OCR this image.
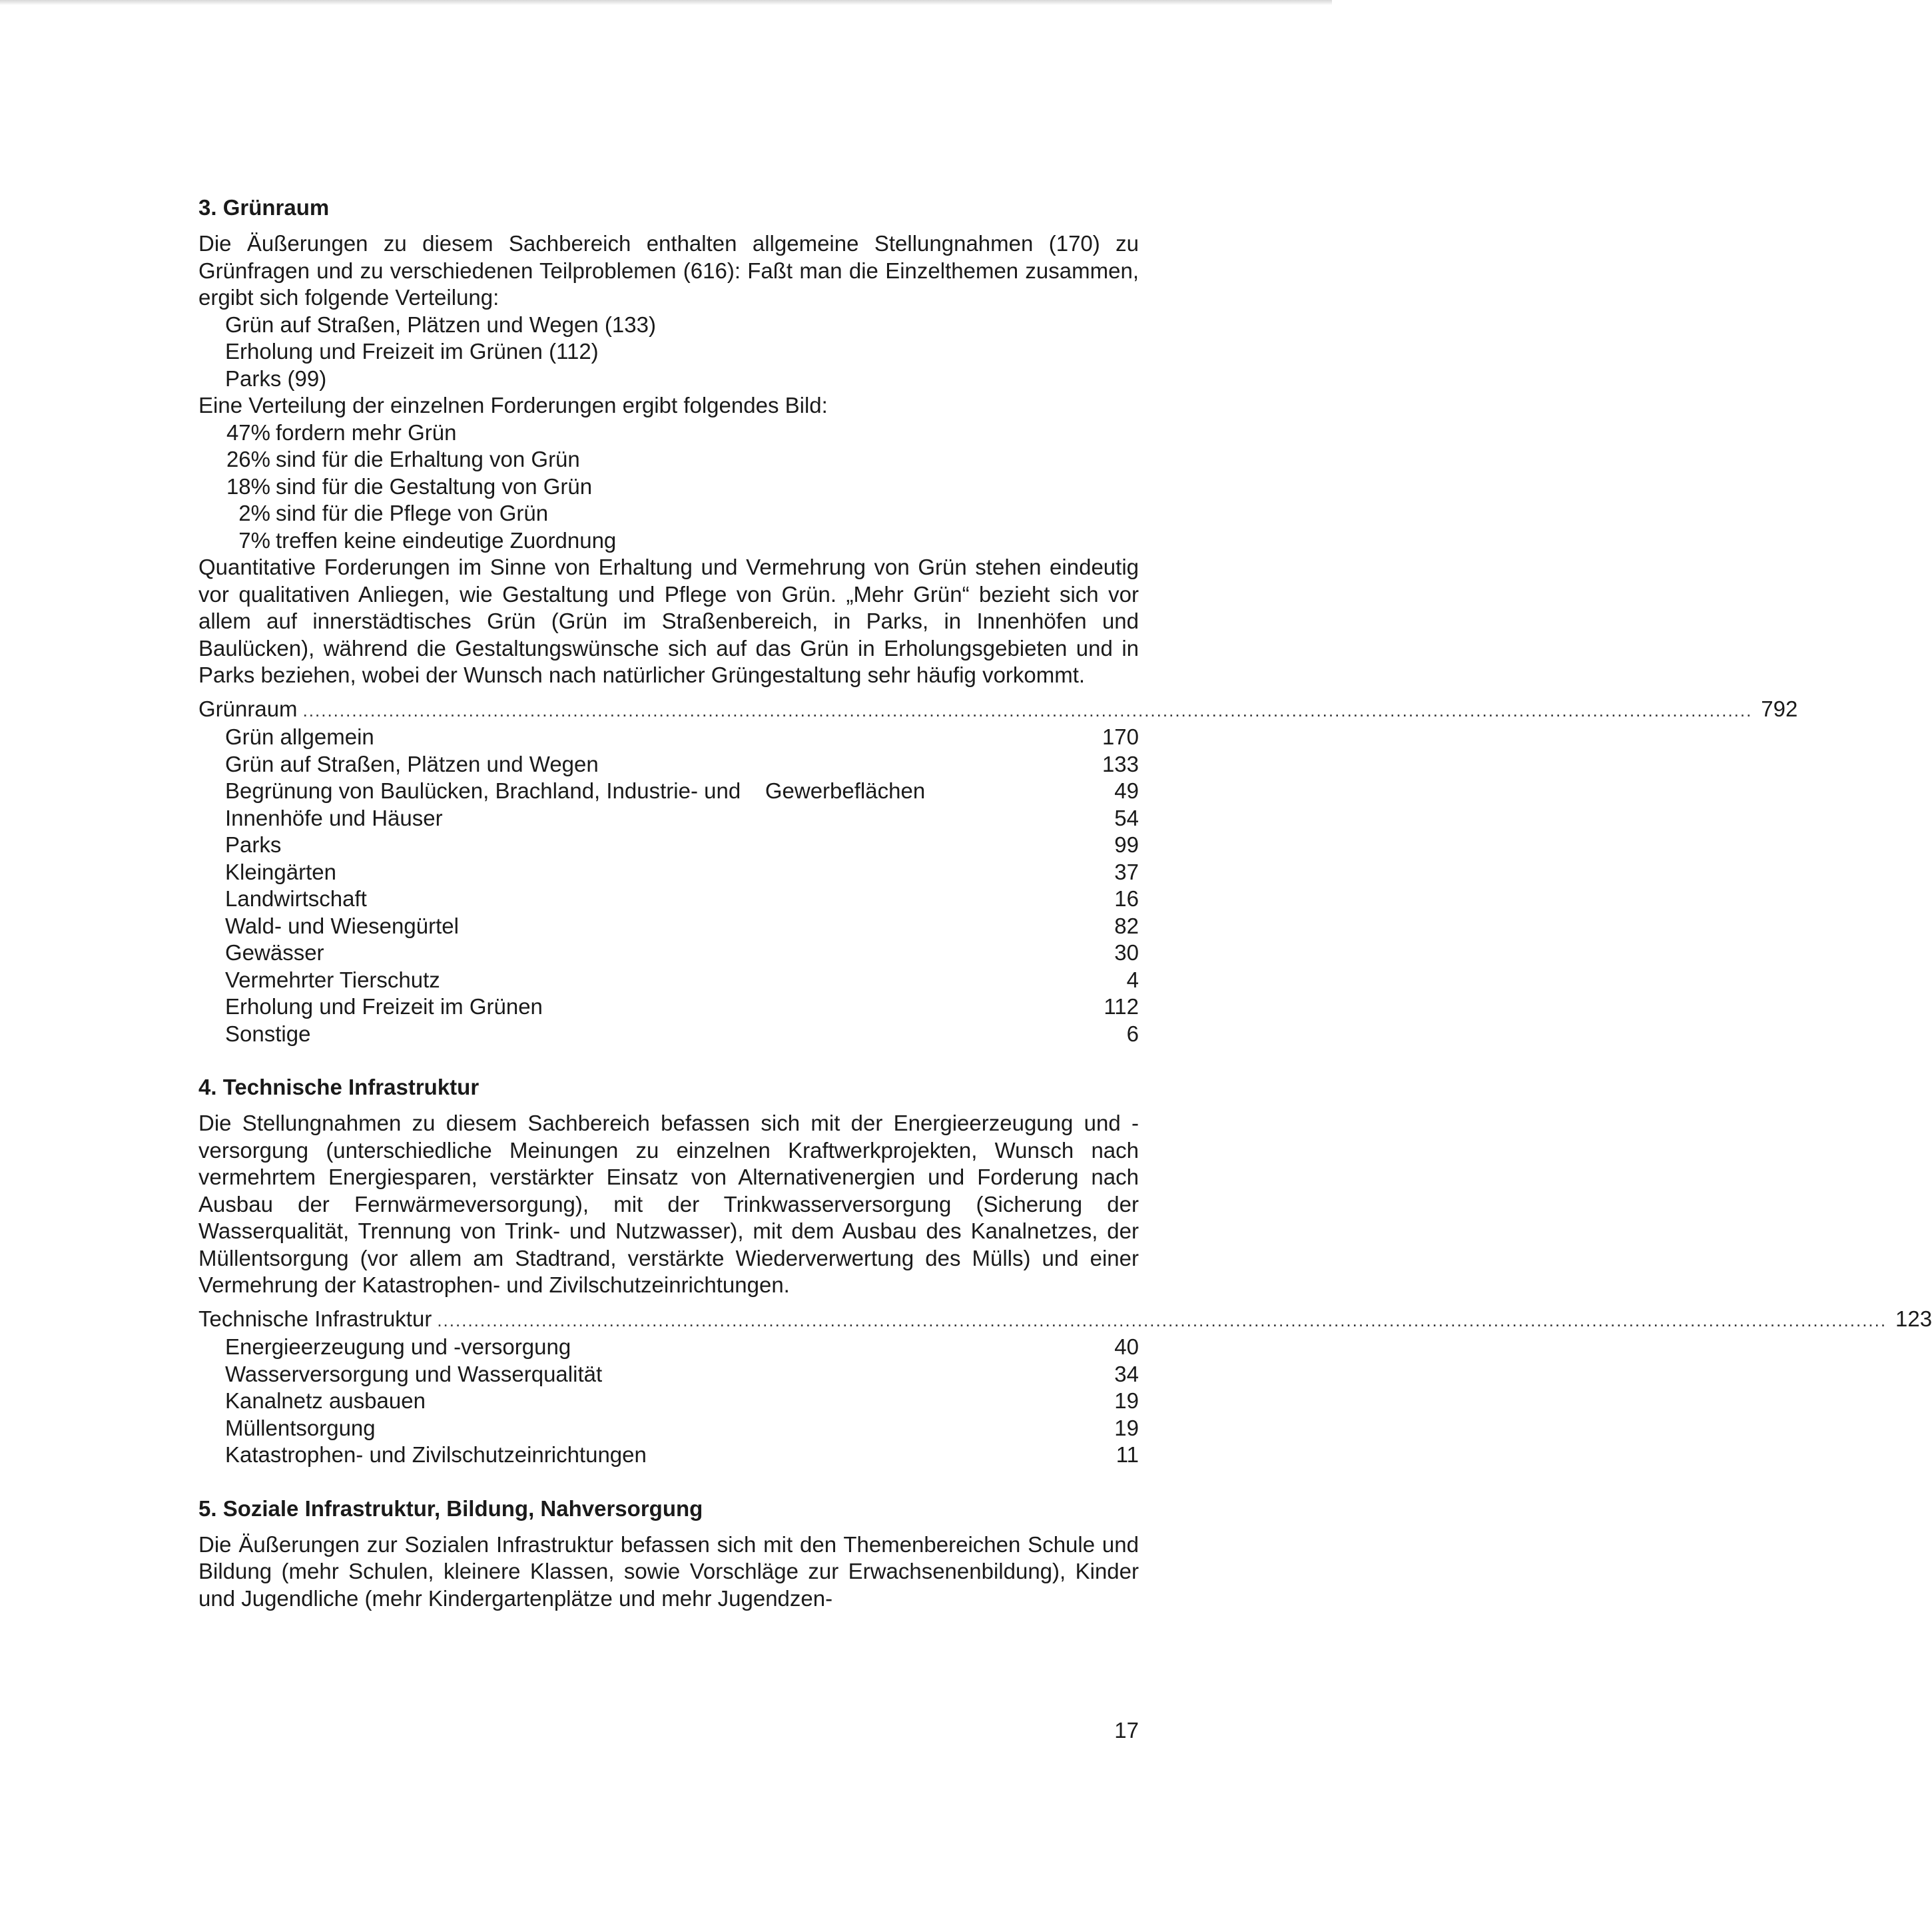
3. Grünraum

Die Äußerungen zu diesem Sachbereich enthalten allgemeine Stellungnahmen (170) zu Grünfragen und zu verschiedenen Teilproblemen (616): Faßt man die Einzelthemen zusammen, ergibt sich folgende Verteilung:

Grün auf Straßen, Plätzen und Wegen (133)
Erholung und Freizeit im Grünen (112)
Parks (99)

Eine Verteilung der einzelnen Forderungen ergibt folgendes Bild:

47% fordern mehr Grün
26% sind für die Erhaltung von Grün
18% sind für die Gestaltung von Grün
2% sind für die Pflege von Grün
7% treffen keine eindeutige Zuordnung

Quantitative Forderungen im Sinne von Erhaltung und Vermehrung von Grün stehen eindeutig vor qualitativen Anliegen, wie Gestaltung und Pflege von Grün. „Mehr Grün“ bezieht sich vor allem auf innerstädtisches Grün (Grün im Straßenbereich, in Parks, in Innenhöfen und Baulücken), während die Gestaltungswünsche sich auf das Grün in Erholungsgebieten und in Parks beziehen, wobei der Wunsch nach natürlicher Grüngestaltung sehr häufig vorkommt.

Grünraum ............................................................................................................................................................................................................................................ 792
Grün allgemein	170
Grün auf Straßen, Plätzen und Wegen	133
Begrünung von Baulücken, Brachland, Industrie- und    Gewerbeflächen	49
Innenhöfe und Häuser	54
Parks	99
Kleingärten	37
Landwirtschaft	16
Wald- und Wiesengürtel	82
Gewässer	30
Vermehrter Tierschutz	4
Erholung und Freizeit im Grünen	112
Sonstige	6
4. Technische Infrastruktur

Die Stellungnahmen zu diesem Sachbereich befassen sich mit der Energieerzeugung und -versorgung (unterschiedliche Meinungen zu einzelnen Kraftwerkprojekten, Wunsch nach vermehrtem Energiesparen, verstärkter Einsatz von Alternativenergien und Forderung nach Ausbau der Fernwärmeversorgung), mit der Trinkwasserversorgung (Sicherung der Wasserqualität, Trennung von Trink- und Nutzwasser), mit dem Ausbau des Kanalnetzes, der Müllentsorgung (vor allem am Stadtrand, verstärkte Wiederverwertung des Mülls) und einer Vermehrung der Katastrophen- und Zivilschutzeinrichtungen.

Technische Infrastruktur ............................................................................................................................................................................................................................................ 123
Energieerzeugung und -versorgung	40
Wasserversorgung und Wasserqualität	34
Kanalnetz ausbauen	19
Müllentsorgung	19
Katastrophen- und Zivilschutzeinrichtungen	11
5. Soziale Infrastruktur, Bildung, Nahversorgung

Die Äußerungen zur Sozialen Infrastruktur befassen sich mit den Themenbereichen Schule und Bildung (mehr Schulen, kleinere Klassen, sowie Vorschläge zur Erwachsenenbildung), Kinder und Jugendliche (mehr Kindergartenplätze und mehr Jugendzen-

17
